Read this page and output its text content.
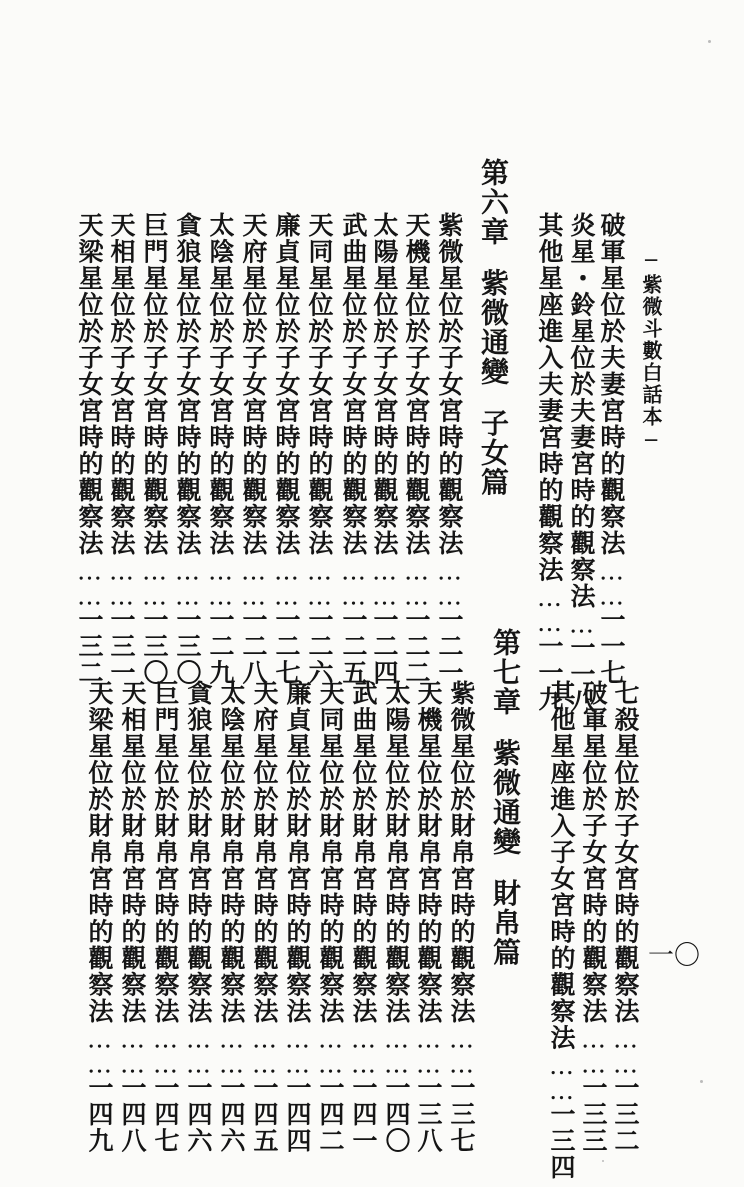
─紫微斗數白話本─
一〇
破軍星位於夫妻宮時的觀察法……一一七
炎星・鈴星位於夫妻宮時的觀察法…一一八
其他星座進入夫妻宮時的觀察法……一一九
第六章紫微通變子女篇
紫微星位於子女宮時的觀察法……一二一
天機星位於子女宮時的觀察法……一二二
太陽星位於子女宮時的觀察法……一二四
武曲星位於子女宮時的觀察法……一二五
天同星位於子女宮時的觀察法……一二六
廉貞星位於子女宮時的觀察法……一二七
天府星位於子女宮時的觀察法……一二八
太陰星位於子女宮時的觀察法……一二九
貪狼星位於子女宮時的觀察法……一三〇
巨門星位於子女宮時的觀察法……一三〇
天相星位於子女宮時的觀察法……一三一
天梁星位於子女宮時的觀察法……一三二
七殺星位於子女宮時的觀察法……一三二
破軍星位於子女宮時的觀察法……一三三
其他星座進入子女宮時的觀察法……一三四
第七章紫微通變財帛篇
紫微星位於財帛宮時的觀察法……一三七
天機星位於財帛宮時的觀察法……一三八
太陽星位於財帛宮時的觀察法……一四〇
武曲星位於財帛宮時的觀察法……一四一
天同星位於財帛宮時的觀察法……一四二
廉貞星位於財帛宮時的觀察法……一四四
天府星位於財帛宮時的觀察法……一四五
太陰星位於財帛宮時的觀察法……一四六
貪狼星位於財帛宮時的觀察法……一四六
巨門星位於財帛宮時的觀察法……一四七
天相星位於財帛宮時的觀察法……一四八
天梁星位於財帛宮時的觀察法……一四九
